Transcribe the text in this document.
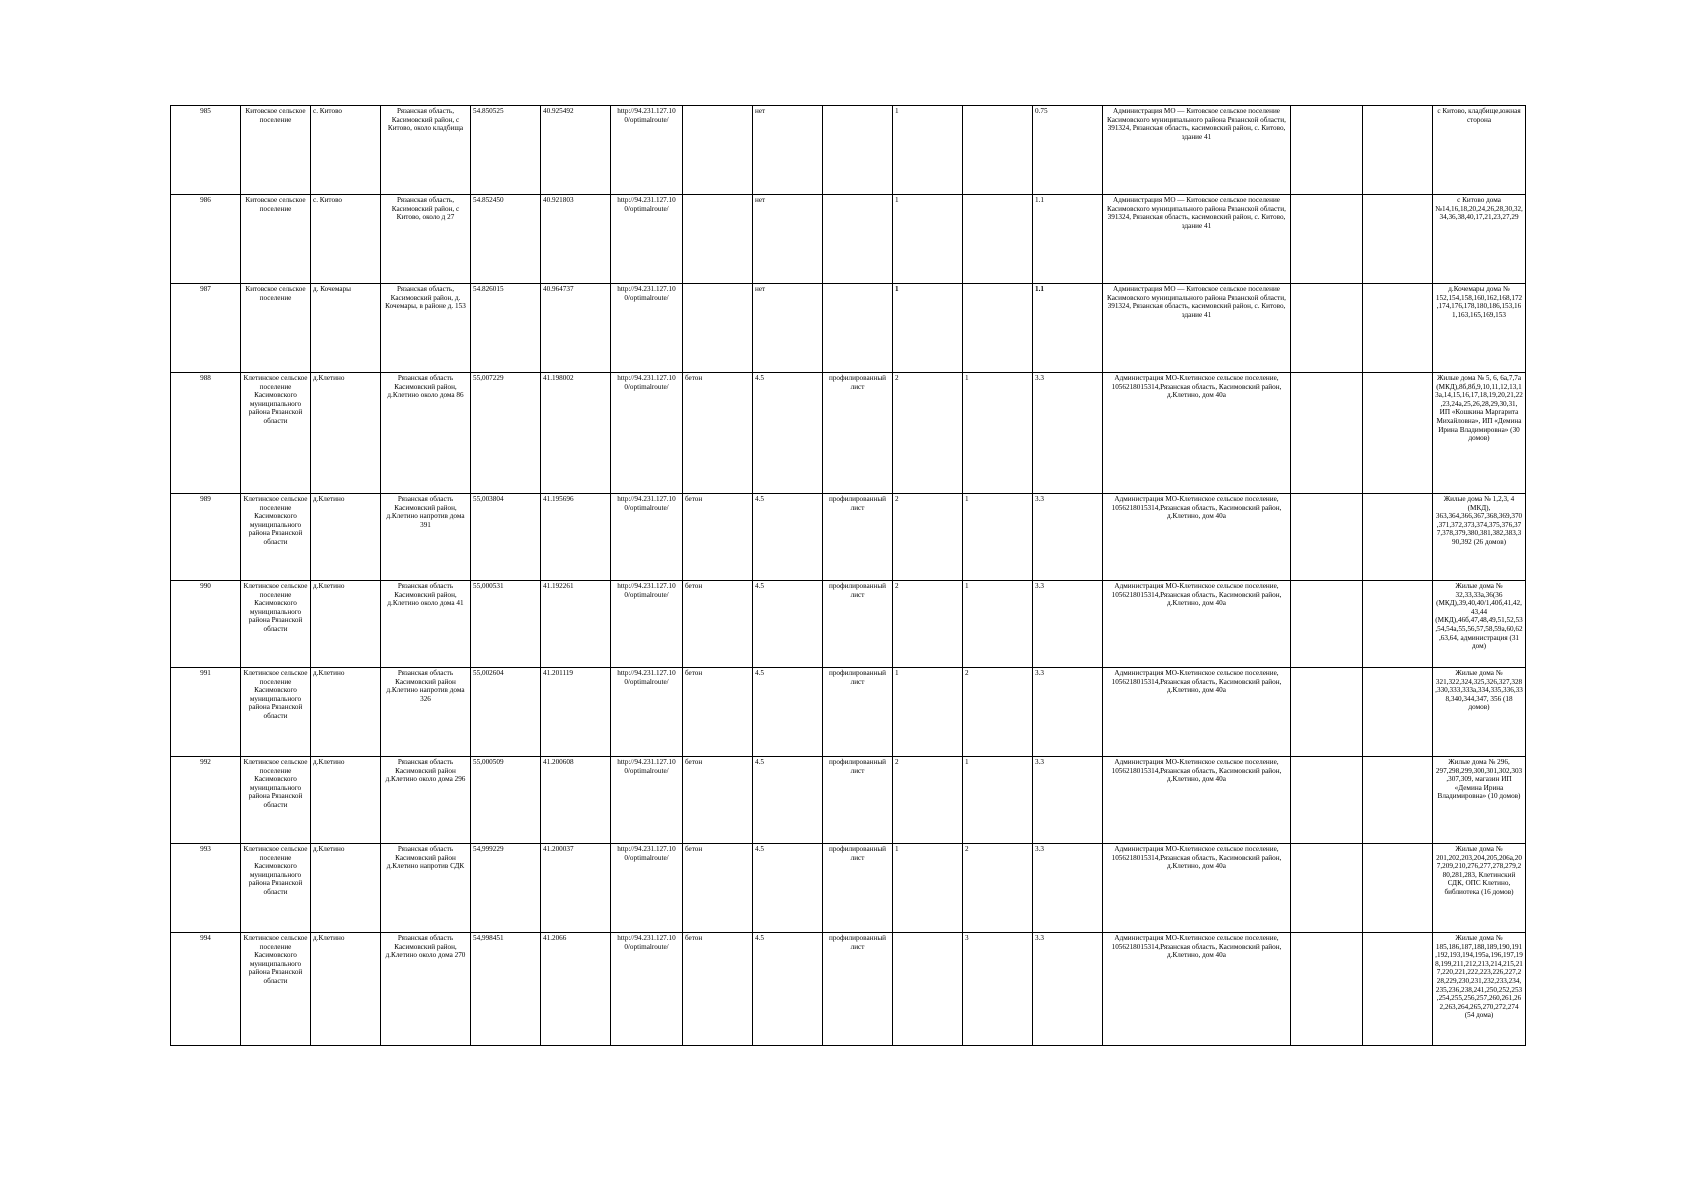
985	Китовское сельское поселение	с. Китово	Рязанская область, Касимовский район, с Китово, около кладбища	54.850525	40.925492	http://94.231.127.10 0/optimalroute/		нет		1		0.75	Администрация МО — Китовское сельское поселение Касимовского муниципального района Рязанской области, 391324, Рязанская область, касимовский район, с. Китово, здание 41			с Китово, кладбище,южная сторона
986	Китовское сельское поселение	с. Китово	Рязанская область, Касимовский район, с Китово, около д 27	54.852450	40.921803	http://94.231.127.10 0/optimalroute/		нет		1		1.1	Администрация МО — Китовское сельское поселение Касимовского муниципального района Рязанской области, 391324, Рязанская область, касимовский район, с. Китово, здание 41			с Китово дома №14,16,18,20,24,26,28,30,32,34,36,38,40,17,21,23,27,29
987	Китовское сельское поселение	д. Кочемары	Рязанская область, Касимовский район, д. Кочемары, в районе д. 153	54.826015	40.964737	http://94.231.127.10 0/optimalroute/		нет		1		1.1	Администрация МО — Китовское сельское поселение Касимовского муниципального района Рязанской области, 391324, Рязанская область, касимовский район, с. Китово, здание 41			д.Кочемары дома № 152,154,158,160,162,168,172,174,176,178,180,186,153,161,163,165,169,153
988	Клетинское сельское поселение Касимовского муниципального района Рязанской области	д.Клетино	Рязанская область Касимовский район, д.Клетино около дома 86	55,007229	41.198002	http://94.231.127.10 0/optimalroute/	бетон	4.5	профилированный лист	2	1	3.3	Администрация МО-Клетинское сельское поселение, 1056218015314,Рязанская область, Касимовский район, д.Клетино, дом 40а			Жилые дома № 5, 6, 6а,7,7а (МКД),8б,8б,9,10,11,12,13,13а,14,15,16,17,18,19,20,21,22,23,24а,25,26,28,29,30,31, ИП «Кошкина Маргарита Михайловна», ИП «Демина Ирина Владимировна» (30 домов)
989	Клетинское сельское поселение Касимовского муниципального района Рязанской области	д.Клетино	Рязанская область Касимовский район, д.Клетино напротив дома 391	55,003804	41.195696	http://94.231.127.10 0/optimalroute/	бетон	4.5	профилированный лист	2	1	3.3	Администрация МО-Клетинское сельское поселение, 1056218015314,Рязанская область, Касимовский район, д.Клетино, дом 40а			Жилые дома № 1,2,3, 4 (МКД), 363,364,366,367,368,369,370,371,372,373,374,375,376,377,378,379,380,381,382,383,390,392 (26 домов)
990	Клетинское сельское поселение Касимовского муниципального района Рязанской области	д.Клетино	Рязанская область Касимовский район, д.Клетино около дома 41	55,000531	41.192261	http://94.231.127.10 0/optimalroute/	бетон	4.5	профилированный лист	2	1	3.3	Администрация МО-Клетинское сельское поселение, 1056218015314,Рязанская область, Касимовский район, д.Клетино, дом 40а			Жилые дома № 32,33,33а,36(36 (МКД),39,40,40/1,40б,41,42,43,44 (МКД),46б,47,48,49,51,52,53,54,54а,55,56,57,58,59а,60,62,63,64, администрация (31 дом)
991	Клетинское сельское поселение Касимовского муниципального района Рязанской области	д.Клетино	Рязанская область Касимовский район д.Клетино напротив дома 326	55,002604	41.201119	http://94.231.127.10 0/optimalroute/	бетон	4.5	профилированный лист	1	2	3.3	Администрация МО-Клетинское сельское поселение, 1056218015314,Рязанская область, Касимовский район, д.Клетино, дом 40а			Жилые дома № 321,322,324,325,326,327,328,330,333,333а,334,335,336,338,340,344,347, 356 (18 домов)
992	Клетинское сельское поселение Касимовского муниципального района Рязанской области	д.Клетино	Рязанская область Касимовский район д.Клетино около дома 296	55,000509	41.200608	http://94.231.127.10 0/optimalroute/	бетон	4.5	профилированный лист	2	1	3.3	Администрация МО-Клетинское сельское поселение, 1056218015314,Рязанская область, Касимовский район, д.Клетино, дом 40а			Жилые дома № 296, 297,298,299,300,301,302,303,307,309, магазин ИП «Демина Ирина Владимировна» (10 домов)
993	Клетинское сельское поселение Касимовского муниципального района Рязанской области	д.Клетино	Рязанская область Касимовский район д.Клетино напротив СДК	54,999229	41.200037	http://94.231.127.10 0/optimalroute/	бетон	4.5	профилированный лист	1	2	3.3	Администрация МО-Клетинское сельское поселение, 1056218015314,Рязанская область, Касимовский район, д.Клетино, дом 40а			Жилые дома № 201,202,203,204,205,206а,207,209,210,276,277,278,279,280,281,283, Клетинский СДК, ОПС Клетино, библиотека (16 домов)
994	Клетинское сельское поселение Касимовского муниципального района Рязанской области	д.Клетино	Рязанская область Касимовский район, д.Клетино около дома 270	54,998451	41.2066	http://94.231.127.10 0/optimalroute/	бетон	4.5	профилированный лист		3	3.3	Администрация МО-Клетинское сельское поселение, 1056218015314,Рязанская область, Касимовский район, д.Клетино, дом 40а			Жилые дома № 185,186,187,188,189,190,191,192,193,194,195а,196,197,198,199,211,212,213,214,215,217,220,221,222,223,226,227,228,229,230,231,232,233,234,235,236,238,241,250,252,253,254,255,256,257,260,261,262,263,264,265,270,272,274 (54 дома)
